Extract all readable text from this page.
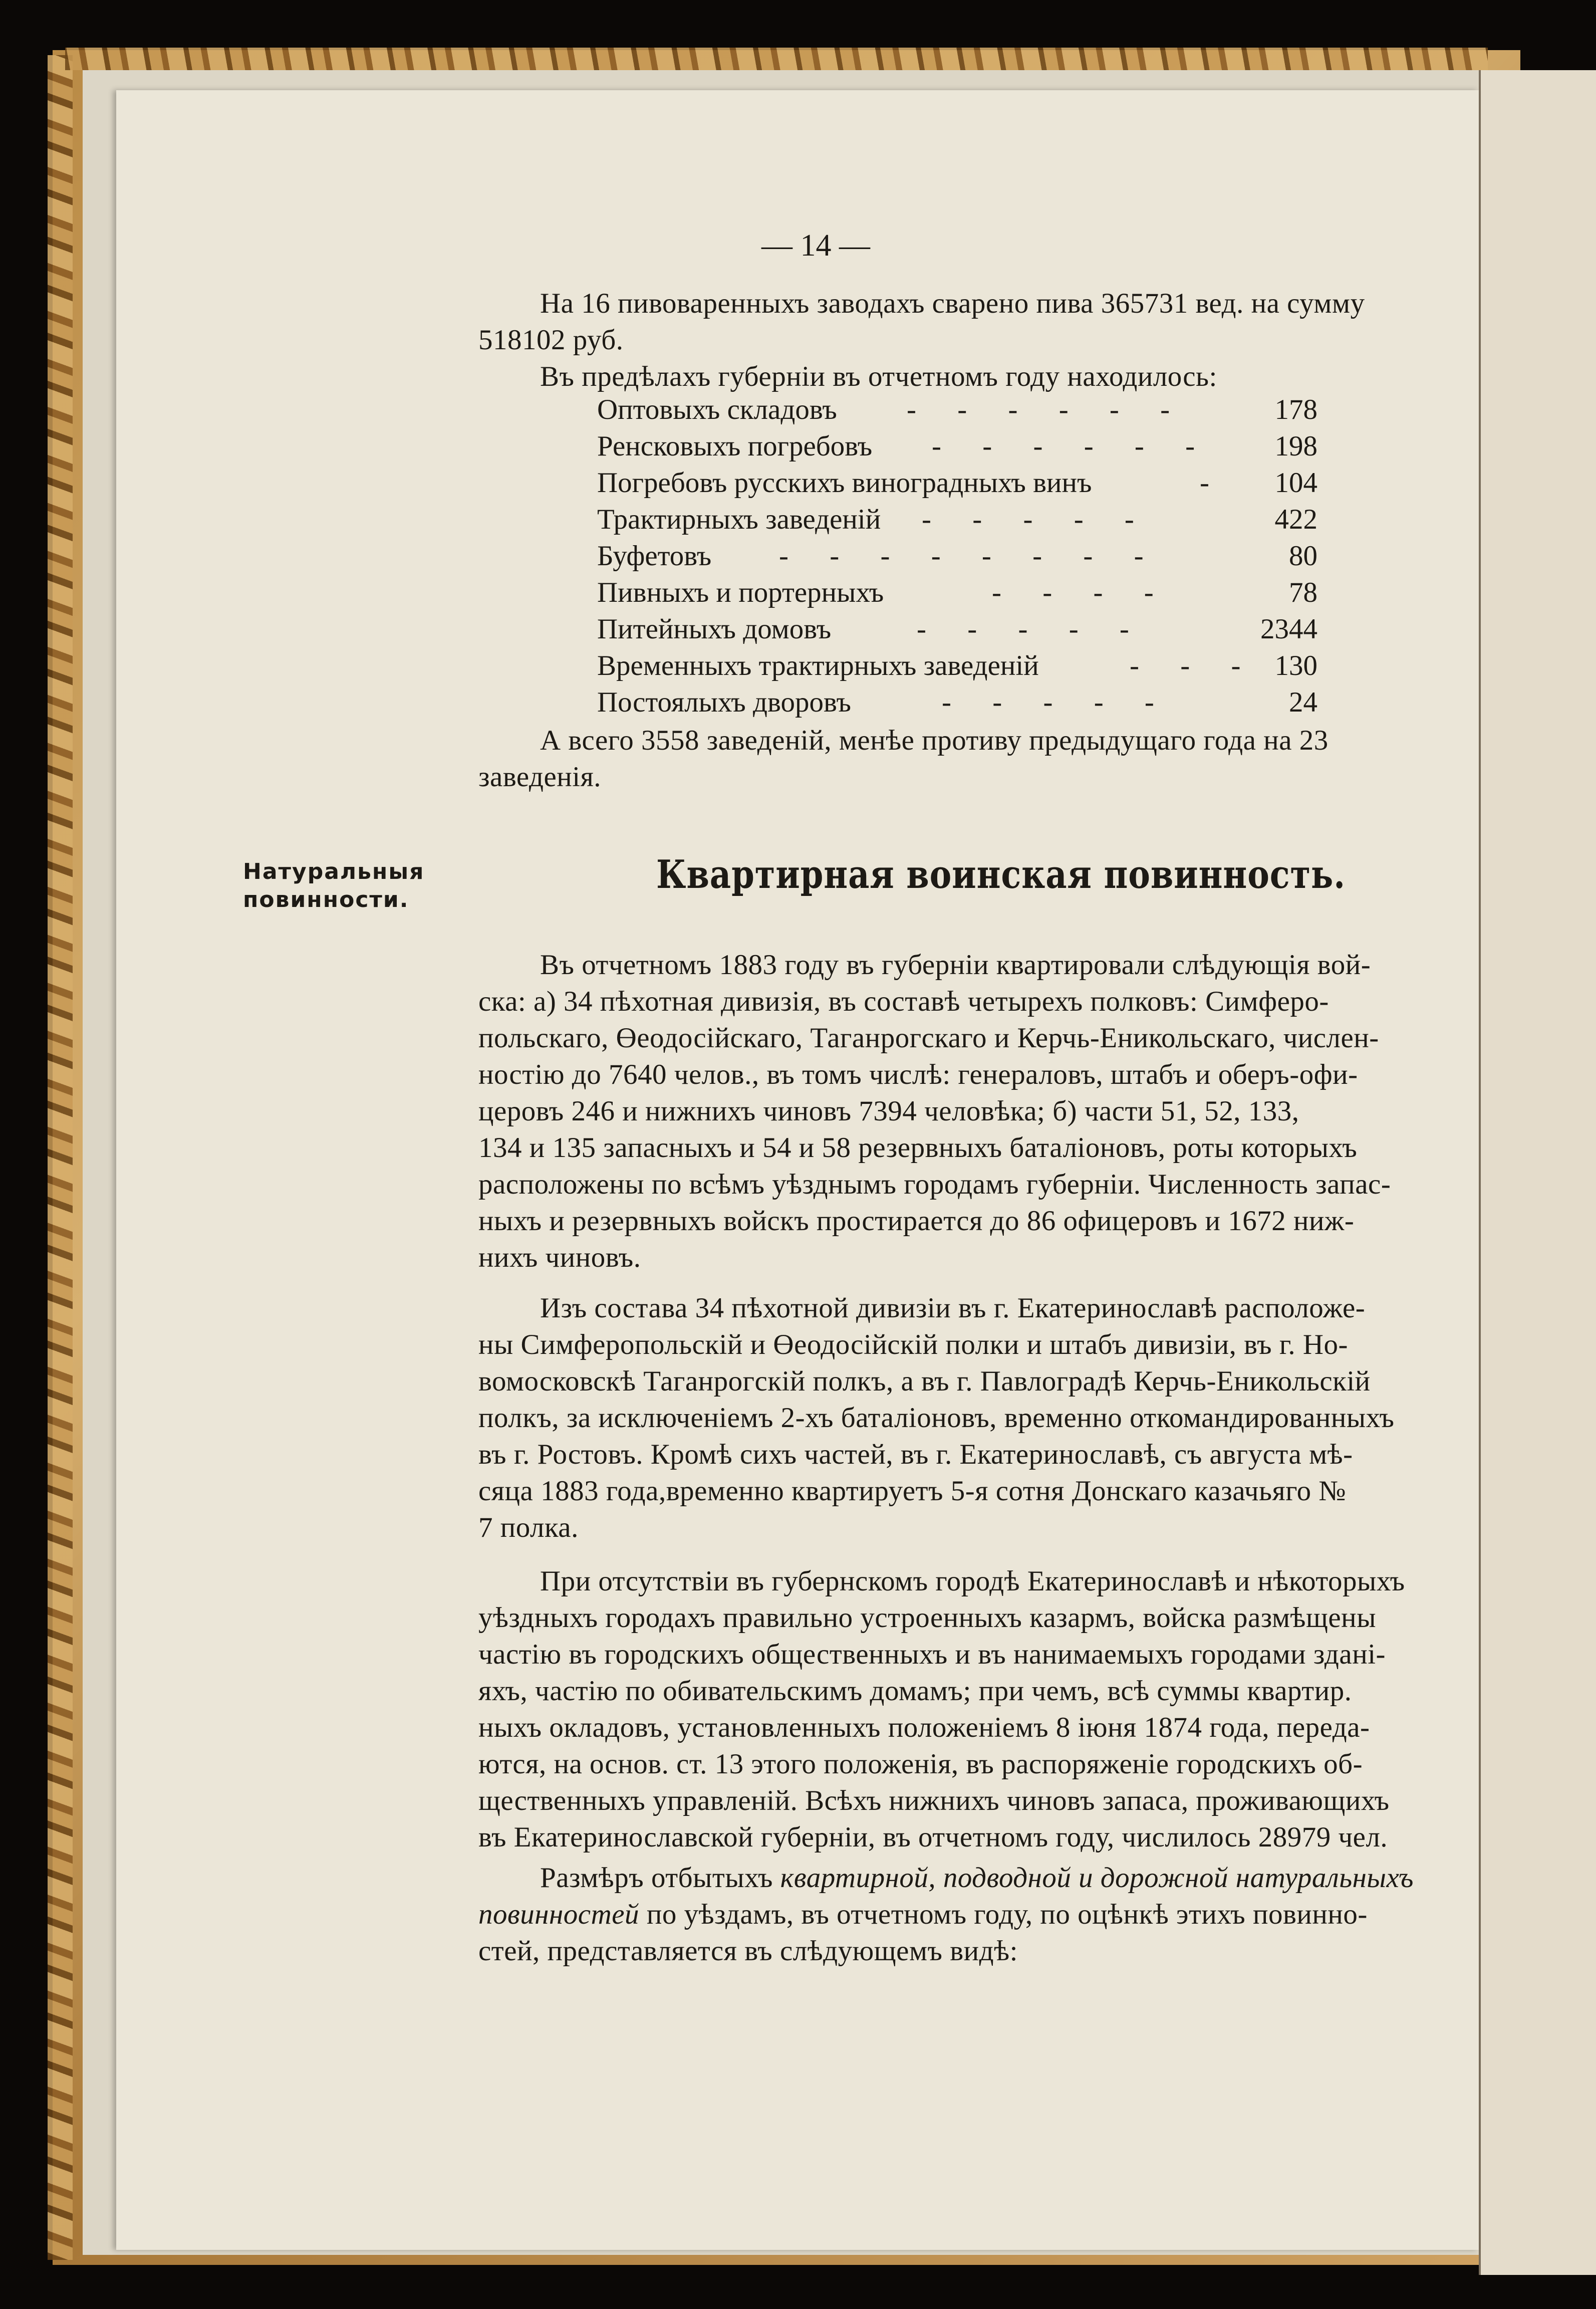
— 14 —
На 16 пивоваренныхъ заводахъ сварено пива 365731 вед. на сумму
518102 руб.
Въ предѣлахъ губерніи въ отчетномъ году находилось:
Оптовыхъ складовъ - - - - - -	178
Ренсковыхъ погребовъ - - - - - -	198
Погребовъ русскихъ виноградныхъ винъ	-	104
Трактирныхъ заведеній - - - - -	422
Буфетовъ - - - - - - - -	80
Пивныхъ и портерныхъ	- - - -	78
Питейныхъ домовъ	- - - - -	2344
Временныхъ трактирныхъ заведеній	- - - 130
Постоялыхъ дворовъ	- - - - -	24
А всего 3558 заведеній, менѣе противу предыдущаго года на 23
заведенія.
Натуральныя
повинности.
Квартирная воинская повинность.
Въ отчетномъ 1883 году въ губерніи квартировали слѣдующія вой-
ска: а) 34 пѣхотная дивизія, въ составѣ четырехъ полковъ: Симферо-
польскаго, Өеодосійскаго, Таганрогскаго и Керчь-Еникольскаго, числен-
ностію до 7640 челов., въ томъ числѣ: генераловъ, штабъ и оберъ-офи-
церовъ 246 и нижнихъ чиновъ 7394 человѣка; б) части 51, 52, 133,
134 и 135 запасныхъ и 54 и 58 резервныхъ баталіоновъ, роты которыхъ
расположены по всѣмъ уѣзднымъ городамъ губерніи. Численность запас-
ныхъ и резервныхъ войскъ простирается до 86 офицеровъ и 1672 ниж-
нихъ чиновъ.
Изъ состава 34 пѣхотной дивизіи въ г. Екатеринославѣ расположе-
ны Симферопольскій и Өеодосійскій полки и штабъ дивизіи, въ г. Но-
вомосковскѣ Таганрогскій полкъ, а въ г. Павлоградѣ Керчь-Еникольскій
полкъ, за исключеніемъ 2-хъ баталіоновъ, временно откомандированныхъ
въ г. Ростовъ. Кромѣ сихъ частей, въ г. Екатеринославѣ, съ августа мѣ-
сяца 1883 года,временно квартируетъ 5-я сотня Донскаго казачьяго №
7 полка.
При отсутствіи въ губернскомъ городѣ Екатеринославѣ и нѣкоторыхъ
уѣздныхъ городахъ правильно устроенныхъ казармъ, войска размѣщены
частію въ городскихъ общественныхъ и въ нанимаемыхъ городами здані-
яхъ, частію по обивательскимъ домамъ; при чемъ, всѣ суммы квартир.
ныхъ окладовъ, установленныхъ положеніемъ 8 іюня 1874 года, переда-
ются, на основ. ст. 13 этого положенія, въ распоряженіе городскихъ об-
щественныхъ управленій. Всѣхъ нижнихъ чиновъ запаса, проживающихъ
въ Екатеринославской губерніи, въ отчетномъ году, числилось 28979 чел.
Размѣръ отбытыхъ квартирной, подводной и дорожной натуральныхъ
повинностей по уѣздамъ, въ отчетномъ году, по оцѣнкѣ этихъ повинно-
стей, представляется въ слѣдующемъ видѣ:
